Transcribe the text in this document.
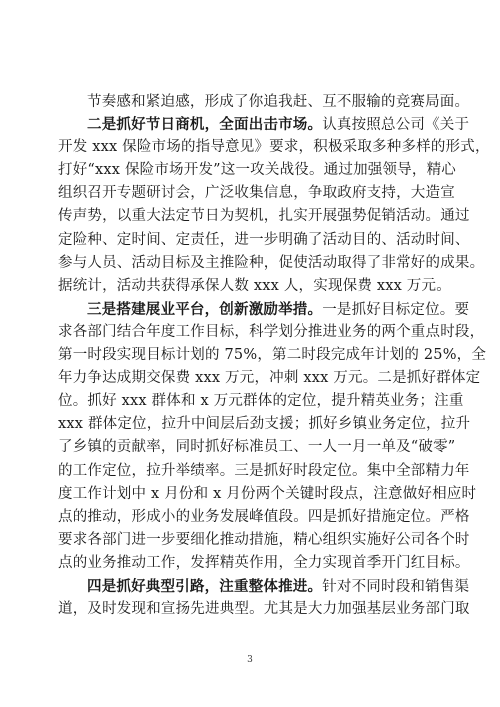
节奏感和紧迫感，形成了你追我赶、互不服输的竞赛局面。
二是抓好节日商机，全面出击市场。认真按照总公司《关于
开发 xxx 保险市场的指导意见》要求，积极采取多种多样的形式，
打好“xxx 保险市场开发”这一攻关战役。通过加强领导，精心
组织召开专题研讨会，广泛收集信息，争取政府支持，大造宣
传声势，以重大法定节日为契机，扎实开展强势促销活动。通过
定险种、定时间、定责任，进一步明确了活动目的、活动时间、
参与人员、活动目标及主推险种，促使活动取得了非常好的成果。
据统计，活动共获得承保人数 xxx 人，实现保费 xxx 万元。
三是搭建展业平台，创新激励举措。一是抓好目标定位。要
求各部门结合年度工作目标，科学划分推进业务的两个重点时段，
第一时段实现目标计划的 75%，第二时段完成年计划的 25%，全
年力争达成期交保费 xxx 万元，冲刺 xxx 万元。二是抓好群体定
位。抓好 xxx 群体和 x 万元群体的定位，提升精英业务；注重
xxx 群体定位，拉升中间层后劲支援；抓好乡镇业务定位，拉升
了乡镇的贡献率，同时抓好标准员工、一人一月一单及“破零”
的工作定位，拉升举绩率。三是抓好时段定位。集中全部精力年
度工作计划中 x 月份和 x 月份两个关键时段点，注意做好相应时
点的推动，形成小的业务发展峰值段。四是抓好措施定位。严格
要求各部门进一步要细化推动措施，精心组织实施好公司各个时
点的业务推动工作，发挥精英作用，全力实现首季开门红目标。
四是抓好典型引路，注重整体推进。针对不同时段和销售渠
道，及时发现和宣扬先进典型。尤其是大力加强基层业务部门取
3
